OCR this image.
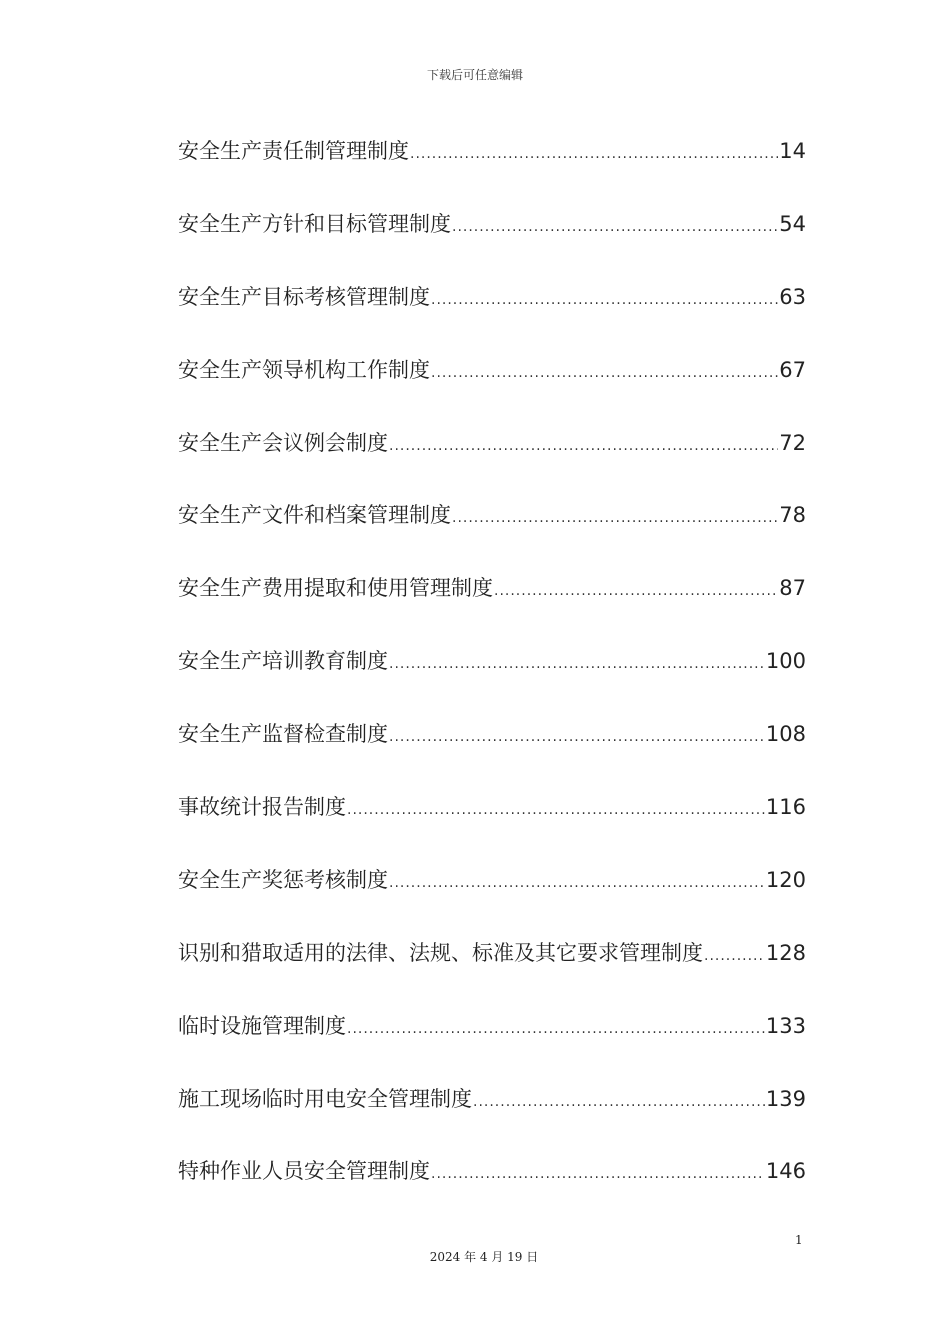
下载后可任意编辑
安全生产责任制管理制度 .....	14
安全生产方针和目标管理制度 .....	54
安全生产目标考核管理制度 .....	63
安全生产领导机构工作制度 .....	67
安全生产会议例会制度 .....	72
安全生产文件和档案管理制度 .....	78
安全生产费用提取和使用管理制度 .....	87
安全生产培训教育制度 .....	100
安全生产监督检查制度 .....	108
事故统计报告制度 .....	116
安全生产奖惩考核制度 .....	120
识别和猎取适用的法律、法规、标准及其它要求管理制度 .....	128
临时设施管理制度 .....	133
施工现场临时用电安全管理制度 .....	139
特种作业人员安全管理制度 .....	146
1
2024 年 4 月 19 日
